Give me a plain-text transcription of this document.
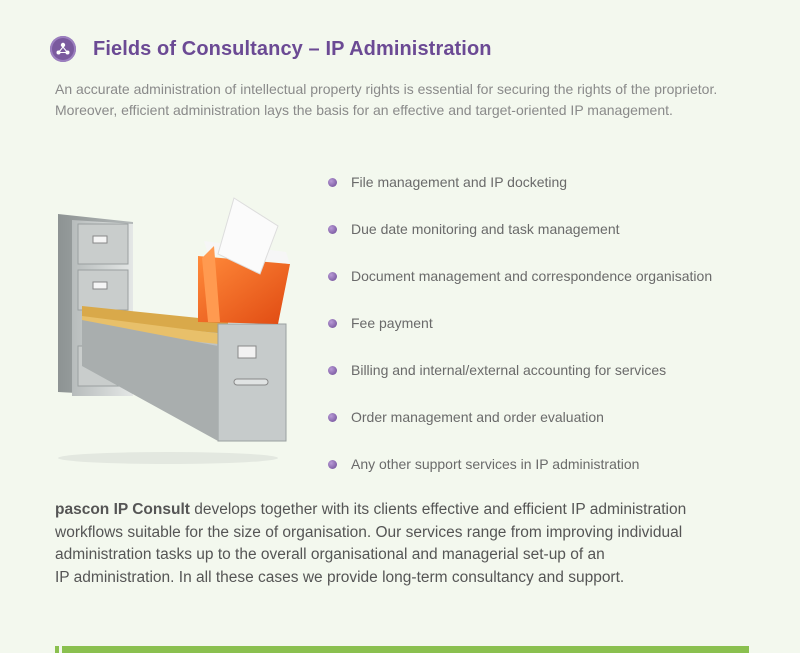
Fields of Consultancy – IP Administration

An accurate administration of intellectual property rights is essential for securing the rights of the proprietor.

Moreover, efficient administration lays the basis for an effective and target-oriented IP management.

File management and IP docketing
Due date monitoring and task management
Document management and correspondence organisation
Fee payment
Billing and internal/external accounting for services
Order management and order evaluation
Any other support services in IP administration

pascon IP Consult develops together with its clients effective and efficient IP administration

workflows suitable for the size of organisation. Our services range from improving individual

administration tasks up to the overall organisational and managerial set-up of an

IP administration. In all these cases we provide long-term consultancy and support.
